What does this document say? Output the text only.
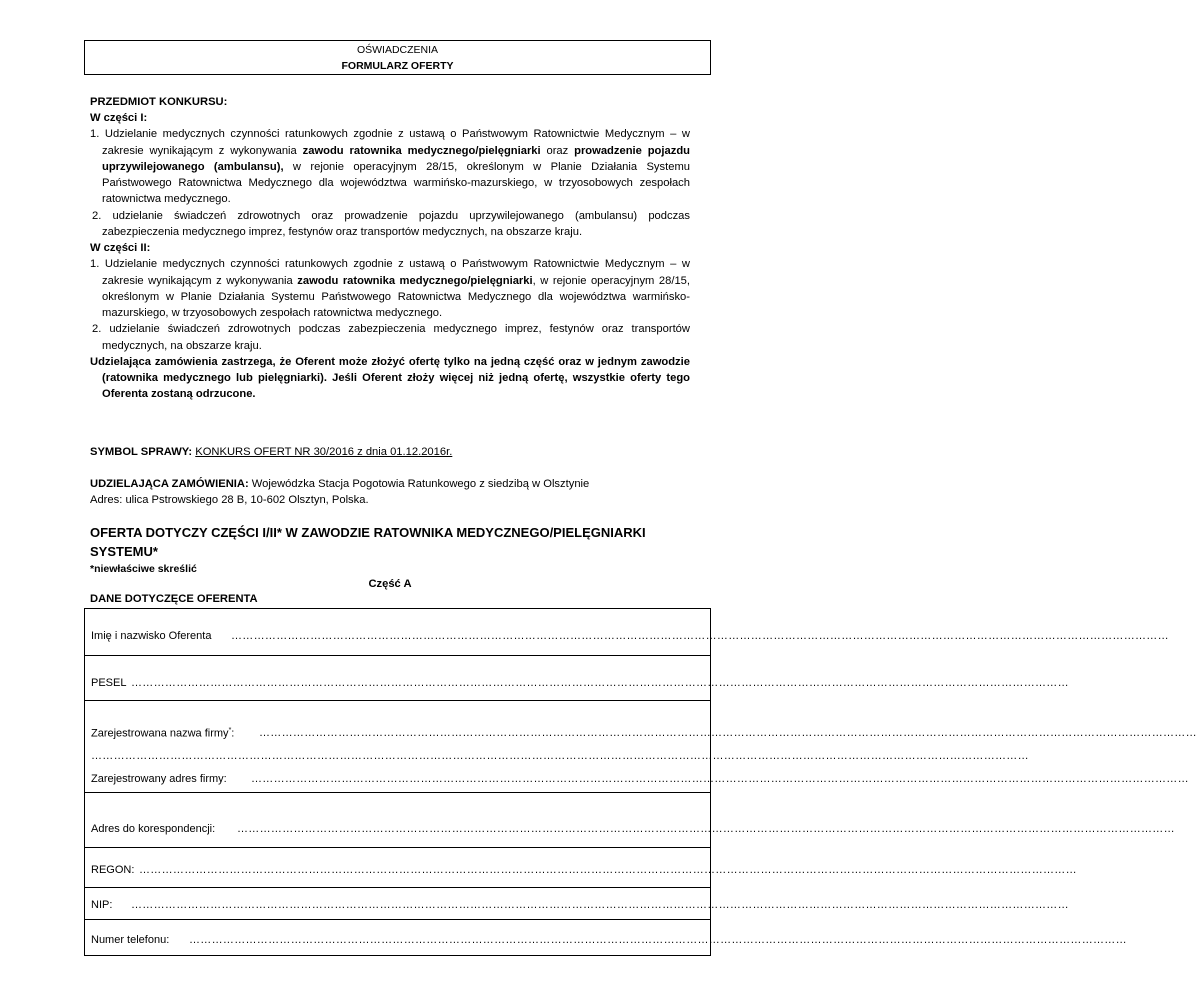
OŚWIADCZENIA
FORMULARZ OFERTY
PRZEDMIOT KONKURSU:
W części I:
1. Udzielanie medycznych czynności ratunkowych zgodnie z ustawą o Państwowym Ratownictwie Medycznym – w zakresie wynikającym z wykonywania zawodu ratownika medycznego/pielęgniarki oraz prowadzenie pojazdu uprzywilejowanego (ambulansu), w rejonie operacyjnym 28/15, określonym w Planie Działania Systemu Państwowego Ratownictwa Medycznego dla województwa warmińsko-mazurskiego, w trzyosobowych zespołach ratownictwa medycznego.
2. udzielanie świadczeń zdrowotnych oraz prowadzenie pojazdu uprzywilejowanego (ambulansu) podczas zabezpieczenia medycznego imprez, festynów oraz transportów medycznych, na obszarze kraju.
W części II:
1. Udzielanie medycznych czynności ratunkowych zgodnie z ustawą o Państwowym Ratownictwie Medycznym – w zakresie wynikającym z wykonywania zawodu ratownika medycznego/pielęgniarki, w rejonie operacyjnym 28/15, określonym w Planie Działania Systemu Państwowego Ratownictwa Medycznego dla województwa warmińsko-mazurskiego, w trzyosobowych zespołach ratownictwa medycznego.
2. udzielanie świadczeń zdrowotnych podczas zabezpieczenia medycznego imprez, festynów oraz transportów medycznych, na obszarze kraju.
Udzielająca zamówienia zastrzega, że Oferent może złożyć ofertę tylko na jedną część oraz w jednym zawodzie (ratownika medycznego lub pielęgniarki). Jeśli Oferent złoży więcej niż jedną ofertę, wszystkie oferty tego Oferenta zostaną odrzucone.
SYMBOL SPRAWY: KONKURS OFERT NR 30/2016 z dnia 01.12.2016r.
UDZIELAJĄCA ZAMÓWIENIA: Wojewódzka Stacja Pogotowia Ratunkowego z siedzibą w Olsztynie
Adres: ulica Pstrowskiego 28 B, 10-602 Olsztyn, Polska.
OFERTA DOTYCZY CZĘŚCI I/II* W ZAWODZIE RATOWNIKA MEDYCZNEGO/PIELĘGNIARKI SYSTEMU*
*niewłaściwe skreślić
Część A
DANE DOTYCZĘCE OFERENTA
Imię i nazwisko Oferenta ……………………………………………………………………………………………………………………………………………………………………………………………………………………………
PESEL ……………………………………………………………………………………………………………………………………………………………………………………………………………………………
Zarejestrowana nazwa firmy*: ……………………………………………………………………………………………………………………………………………………………………………………………………………………………
……………………………………………………………………………………………………………………………………………………………………………………………………………………………
Zarejestrowany adres firmy: ……………………………………………………………………………………………………………………………………………………………………………………………………………………………
Adres do korespondencji: ……………………………………………………………………………………………………………………………………………………………………………………………………………………………
REGON: ……………………………………………………………………………………………………………………………………………………………………………………………………………………………
NIP: ……………………………………………………………………………………………………………………………………………………………………………………………………………………………
Numer telefonu: ……………………………………………………………………………………………………………………………………………………………………………………………………………………………
